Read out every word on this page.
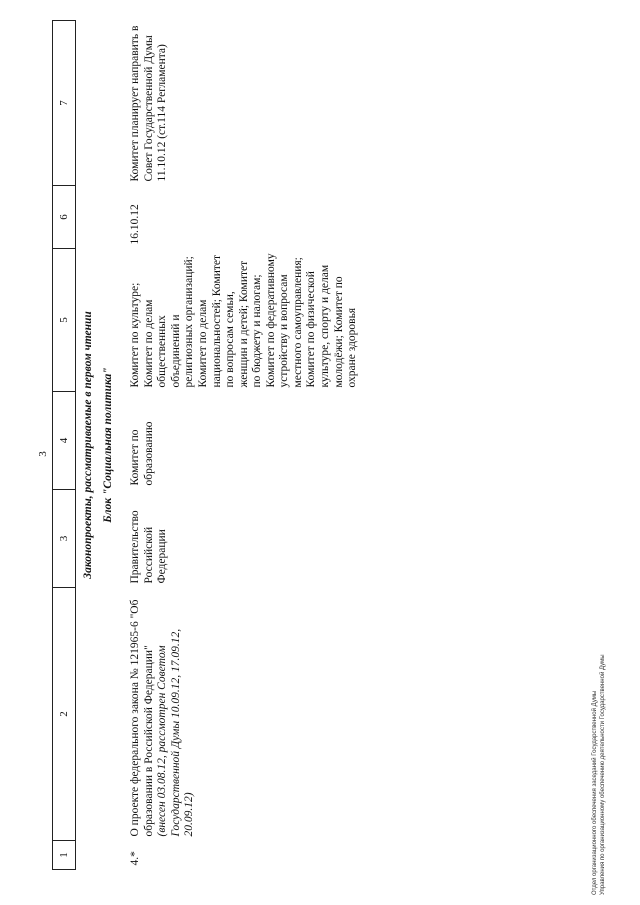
3
1	2	3	4	5	6	7
Законопроекты, рассматриваемые в первом чтении						
Блок "Социальная политика"						
4.*	О проекте федерального закона № 121965-6 "Об образовании в Российской Федерации" (внесен 03.08.12, рассмотрен Советом Государственной Думы 10.09.12, 17.09.12, 20.09.12)	Правительство Российской Федерации	Комитет по образованию	Комитет по культуре; Комитет по делам общественных объединений и религиозных организаций; Комитет по делам национальностей; Комитет по вопросам семьи, женщин и детей; Комитет по бюджету и налогам; Комитет по федеративному устройству и вопросам местного самоуправления; Комитет по физической культуре, спорту и делам молодёжи; Комитет по охране здоровья	16.10.12	Комитет планирует направить в Совет Государственной Думы 11.10.12 (ст.114 Регламента)
Отдел организационного обеспечения заседаний Государственной Думы Управления по организационному обеспечению деятельности Государственной Думы
